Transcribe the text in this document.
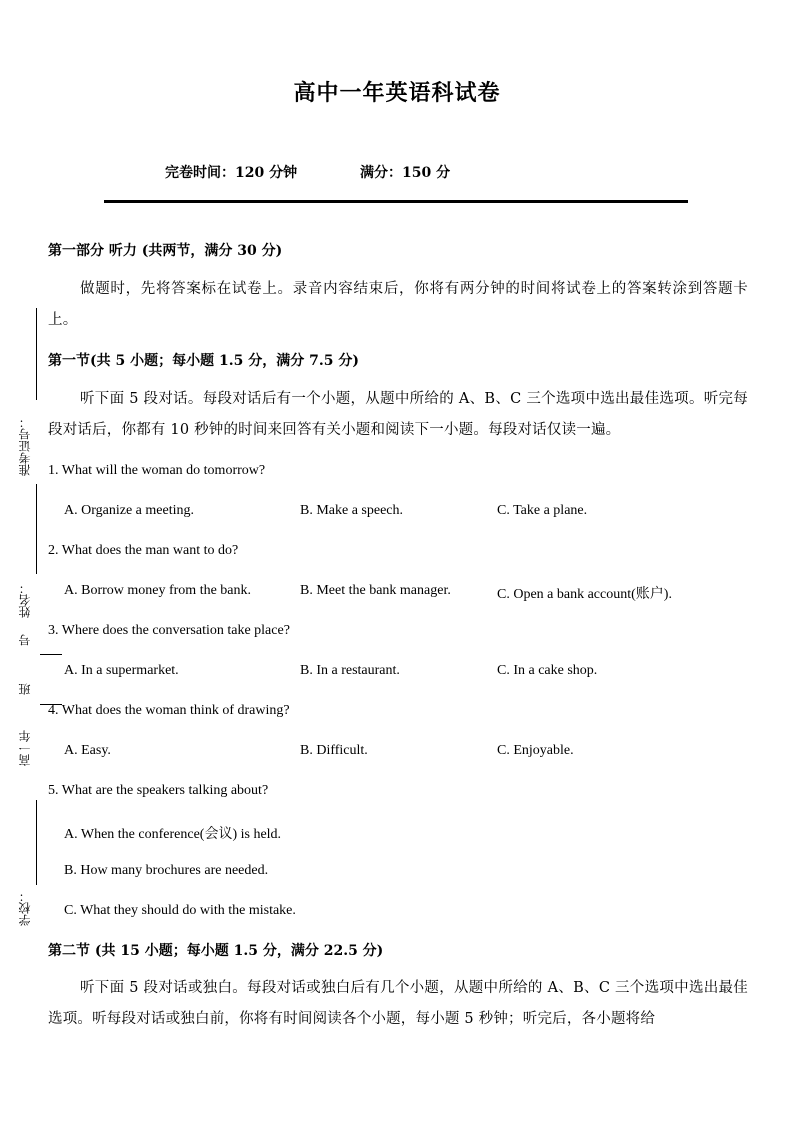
高中一年英语科试卷
完卷时间：120 分钟	满分：150 分
准考证号：
姓名：
号
班
高一年
学校：
第一部分 听力 (共两节，满分 30 分)
做题时，先将答案标在试卷上。录音内容结束后，你将有两分钟的时间将试卷上的答案转涂到答题卡上。
第一节(共 5 小题；每小题 1.5 分，满分 7.5 分)
听下面 5 段对话。每段对话后有一个小题，从题中所给的 A、B、C 三个选项中选出最佳选项。听完每段对话后，你都有 10 秒钟的时间来回答有关小题和阅读下一小题。每段对话仅读一遍。
1. What will the woman do tomorrow?
A. Organize a meeting.	B. Make a speech.	C. Take a plane.
2. What does the man want to do?
A. Borrow money from the bank.	B. Meet the bank manager.	C. Open a bank account(账户).
3. Where does the conversation take place?
A. In a supermarket.	B. In a restaurant.	C. In a cake shop.
4. What does the woman think of drawing?
A. Easy.	B. Difficult.	C. Enjoyable.
5. What are the speakers talking about?
A. When the conference(会议) is held.
B. How many brochures are needed.
C. What they should do with the mistake.
第二节 (共 15 小题；每小题 1.5 分，满分 22.5 分)
听下面 5 段对话或独白。每段对话或独白后有几个小题，从题中所给的 A、B、C 三个选项中选出最佳选项。听每段对话或独白前，你将有时间阅读各个小题，每小题 5 秒钟；听完后，各小题将给
